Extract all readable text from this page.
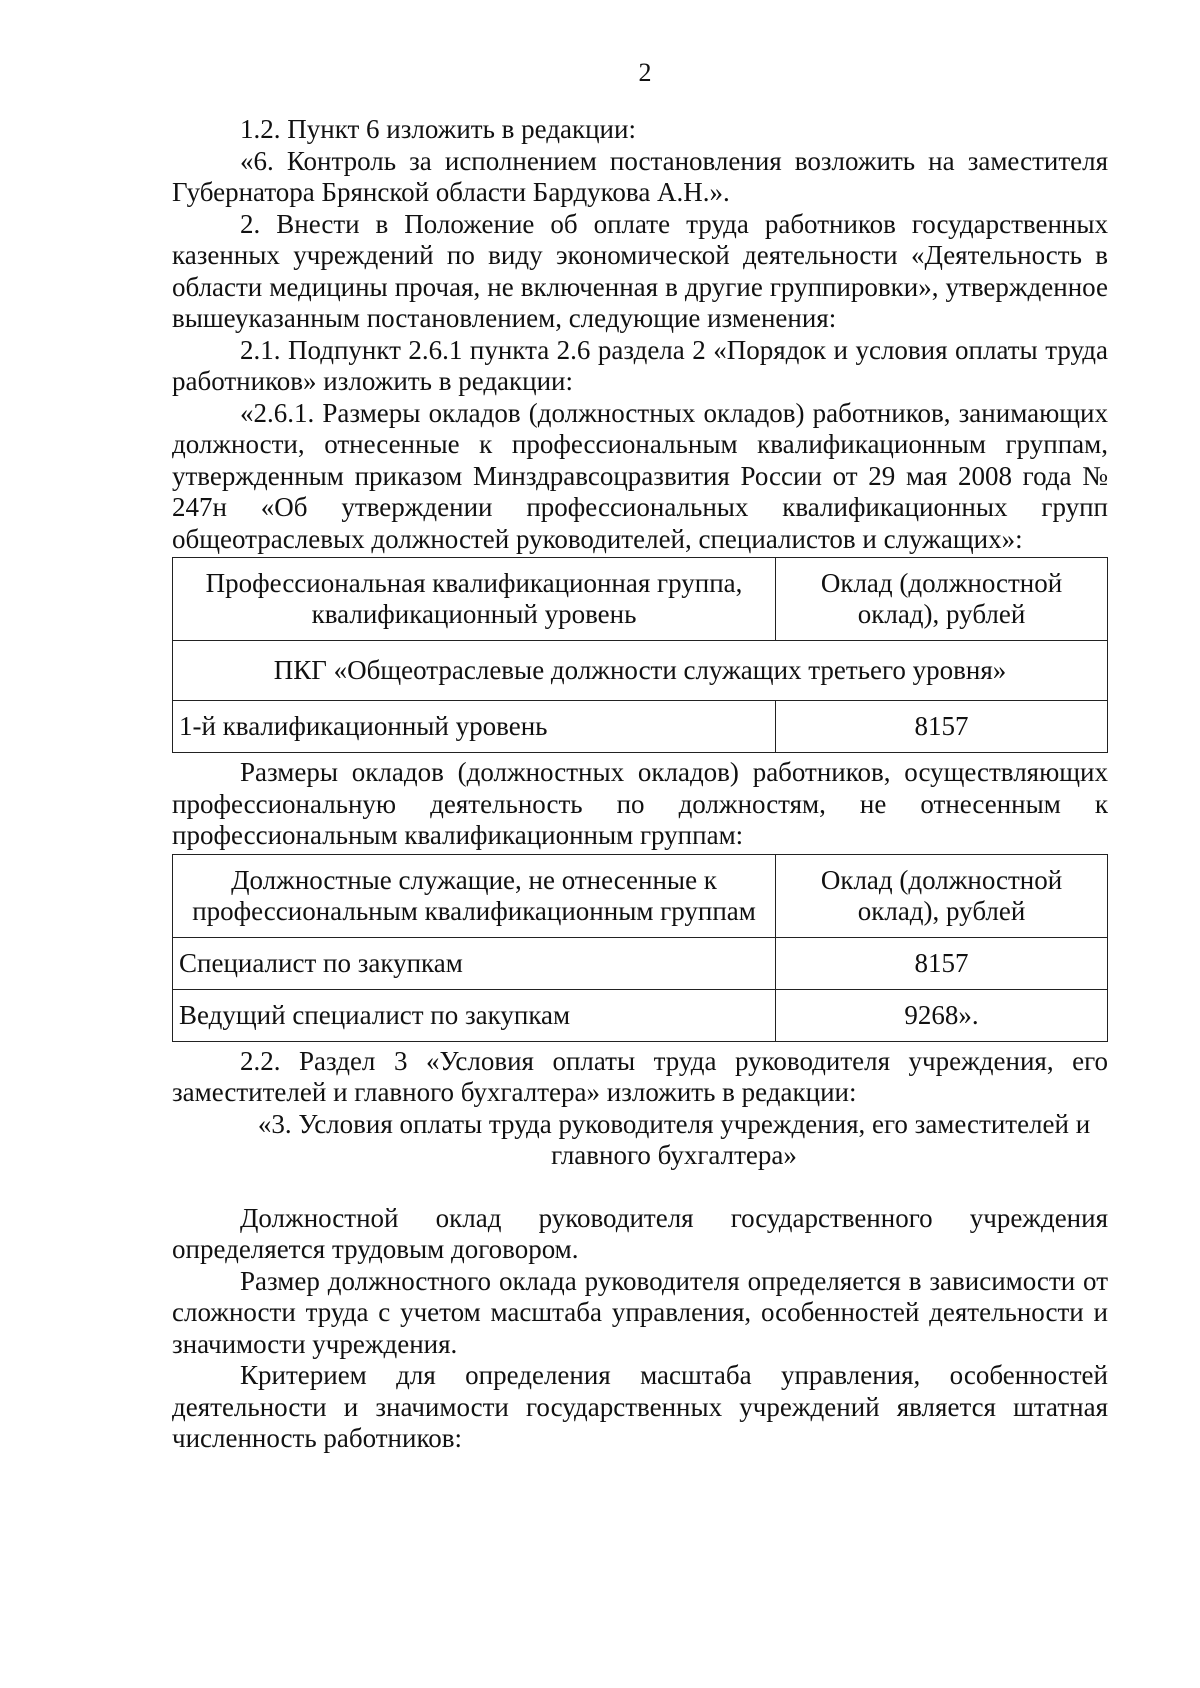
2

1.2. Пункт 6 изложить в редакции:

«6. Контроль за исполнением постановления возложить на заместителя Губернатора Брянской области Бардукова А.Н.».

2. Внести в Положение об оплате труда работников государственных казенных учреждений по виду экономической деятельности «Деятельность в области медицины прочая, не включенная в другие группировки», утвержденное вышеуказанным постановлением, следующие изменения:

2.1. Подпункт 2.6.1 пункта 2.6 раздела 2 «Порядок и условия оплаты труда работников» изложить в редакции:

«2.6.1. Размеры окладов (должностных окладов) работников, занимающих должности, отнесенные к профессиональным квалификационным группам, утвержденным приказом Минздравсоцразвития России от 29 мая 2008 года № 247н «Об утверждении профессиональных квалификационных групп общеотраслевых должностей руководителей, специалистов и служащих»:

Профессиональная квалификационная группа, квалификационный уровень	Оклад (должностной оклад), рублей
ПКГ «Общеотраслевые должности служащих третьего уровня»	
1-й квалификационный уровень	8157

Размеры окладов (должностных окладов) работников, осуществляющих профессиональную деятельность по должностям, не отнесенным к профессиональным квалификационным группам:

Должностные служащие, не отнесенные к профессиональным квалификационным группам	Оклад (должностной оклад), рублей
Специалист по закупкам	8157
Ведущий специалист по закупкам	9268».

2.2. Раздел 3 «Условия оплаты труда руководителя учреждения, его заместителей и главного бухгалтера» изложить в редакции:

«3. Условия оплаты труда руководителя учреждения, его заместителей и главного бухгалтера»

Должностной оклад руководителя государственного учреждения определяется трудовым договором.

Размер должностного оклада руководителя определяется в зависимости от сложности труда с учетом масштаба управления, особенностей деятельности и значимости учреждения.

Критерием для определения масштаба управления, особенностей деятельности и значимости государственных учреждений является штатная численность работников:
